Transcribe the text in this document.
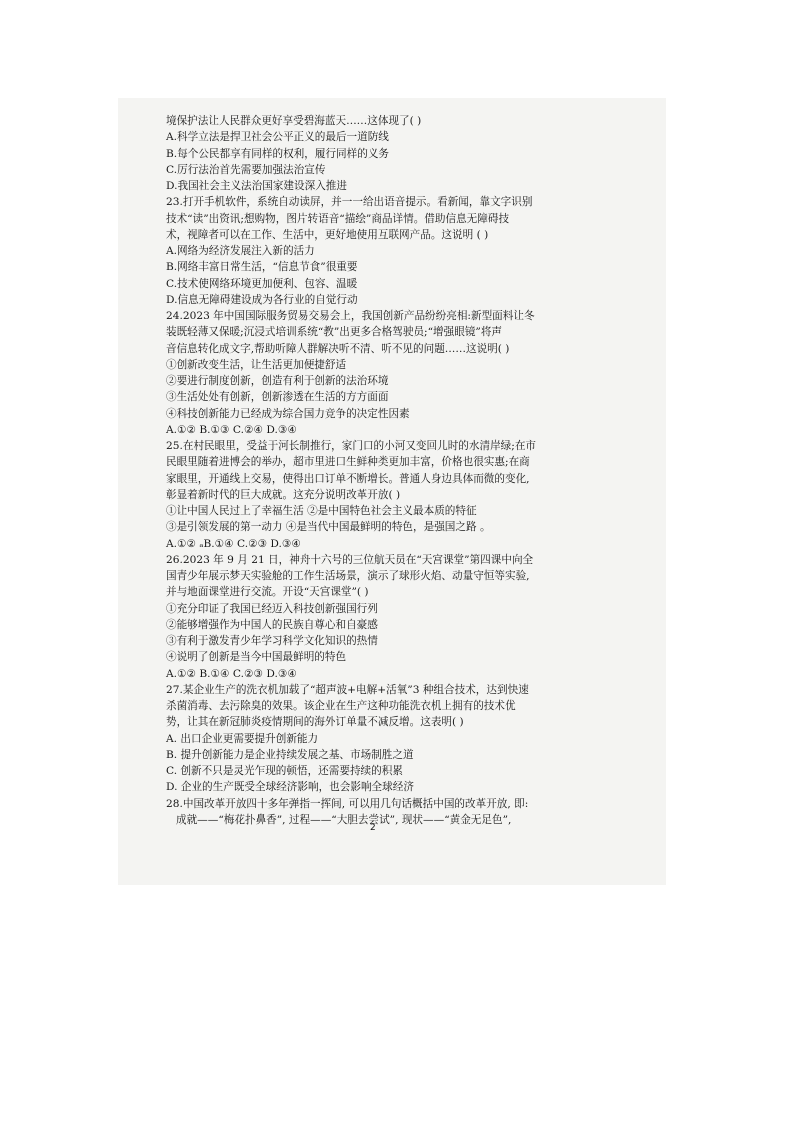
境保护法让人民群众更好享受碧海蓝天……这体现了( )
A.科学立法是捍卫社会公平正义的最后一道防线
B.每个公民都享有同样的权利，履行同样的义务
C.厉行法治首先需要加强法治宣传
D.我国社会主义法治国家建设深入推进
23.打开手机软件，系统自动读屏，并一一给出语音提示。看新闻，靠文字识别
技术“读”出资讯;想购物，图片转语音“描绘”商品详情。借助信息无障碍技
术，视障者可以在工作、生活中，更好地使用互联网产品。这说明 ( )
A.网络为经济发展注入新的活力
B.网络丰富日常生活，“信息节食”很重要
C.技术使网络环境更加便利、包容、温暖
D.信息无障碍建设成为各行业的自觉行动
24.2023 年中国国际服务贸易交易会上，我国创新产品纷纷亮相:新型面料让冬
装既轻薄又保暖;沉浸式培训系统“教”出更多合格驾驶员;“增强眼镜”将声
音信息转化成文字,帮助听障人群解决听不清、听不见的问题……这说明( )
①创新改变生活，让生活更加便捷舒适
②要进行制度创新，创造有利于创新的法治环境
③生活处处有创新，创新渗透在生活的方方面面
④科技创新能力已经成为综合国力竞争的决定性因素
A.①② B.①③ C.②④ D.③④
25.在村民眼里，受益于河长制推行，家门口的小河又变回儿时的水清岸绿;在市
民眼里随着进博会的举办，超市里进口生鲜种类更加丰富，价格也很实惠;在商
家眼里，开通线上交易，使得出口订单不断增长。普通人身边具体而微的变化,
彰显着新时代的巨大成就。这充分说明改革开放( )
①让中国人民过上了幸福生活 ②是中国特色社会主义最本质的特征
③是引领发展的第一动力 ④是当代中国最鲜明的特色，是强国之路 。
A.①② ₐB.①④ C.②③ D.③④
26.2023 年 9 月 21 日，神舟十六号的三位航天员在“天宫课堂”第四课中向全
国青少年展示梦天实验舱的工作生活场景，演示了球形火焰、动量守恒等实验,
并与地面课堂进行交流。开设“天宫课堂”( )
①充分印证了我国已经迈入科技创新强国行列
②能够增强作为中国人的民族自尊心和自豪感
③有利于激发青少年学习科学文化知识的热情
④说明了创新是当今中国最鲜明的特色
A.①② B.①④ C.②③ D.③④
27.某企业生产的洗衣机加载了“超声波+电解+活氧”3 种组合技术，达到快速
杀菌消毒、去污除臭的效果。该企业在生产这种功能洗衣机上拥有的技术优
势，让其在新冠肺炎疫情期间的海外订单量不减反增。这表明( )
A. 出口企业更需要提升创新能力
B. 提升创新能力是企业持续发展之基、市场制胜之道
C. 创新不只是灵光乍现的顿悟，还需要持续的积累
D. 企业的生产既受全球经济影响，也会影响全球经济
28.中国改革开放四十多年弹指一挥间, 可以用几句话概括中国的改革开放, 即:
成就——“梅花扑鼻香”, 过程——“大胆去尝试”, 现状——“黄金无足色”,
2
